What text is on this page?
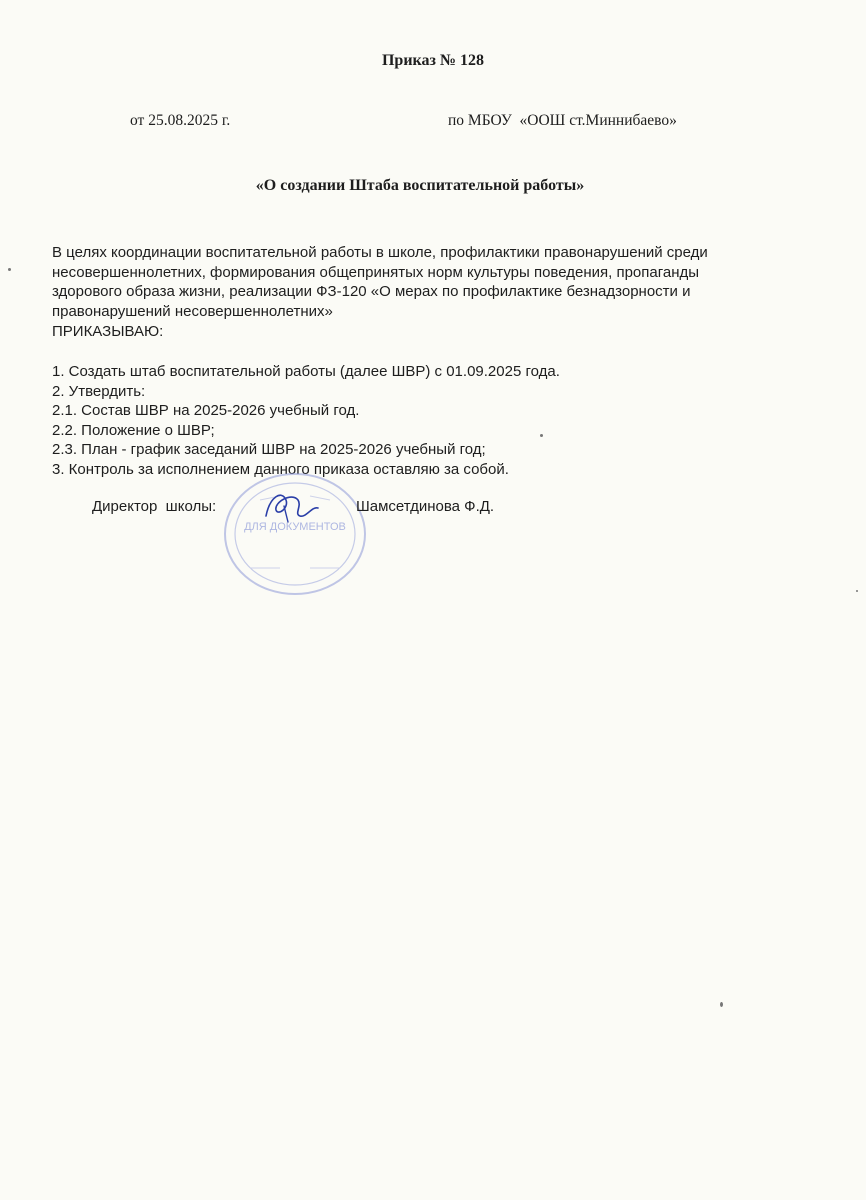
Приказ № 128

от 25.08.2025 г.	по МБОУ  «ООШ ст.Миннибаево»

«О создании Штаба воспитательной работы»

В целях координации воспитательной работы в школе, профилактики правонарушений среди
несовершеннолетних, формирования общепринятых норм культуры поведения, пропаганды
здорового образа жизни, реализации ФЗ-120 «О мерах по профилактике безнадзорности и
правонарушений несовершеннолетних»
ПРИКАЗЫВАЮ:
1. Создать штаб воспитательной работы (далее ШВР) с 01.09.2025 года.
2. Утвердить:
2.1. Состав ШВР на 2025-2026 учебный год.
2.2. Положение о ШВР;
2.3. План - график заседаний ШВР на 2025-2026 учебный год;
3. Контроль за исполнением данного приказа оставляю за собой.
ДЛЯ ДОКУМЕНТОВ
Директор  школы:	Шамсетдинова Ф.Д.
